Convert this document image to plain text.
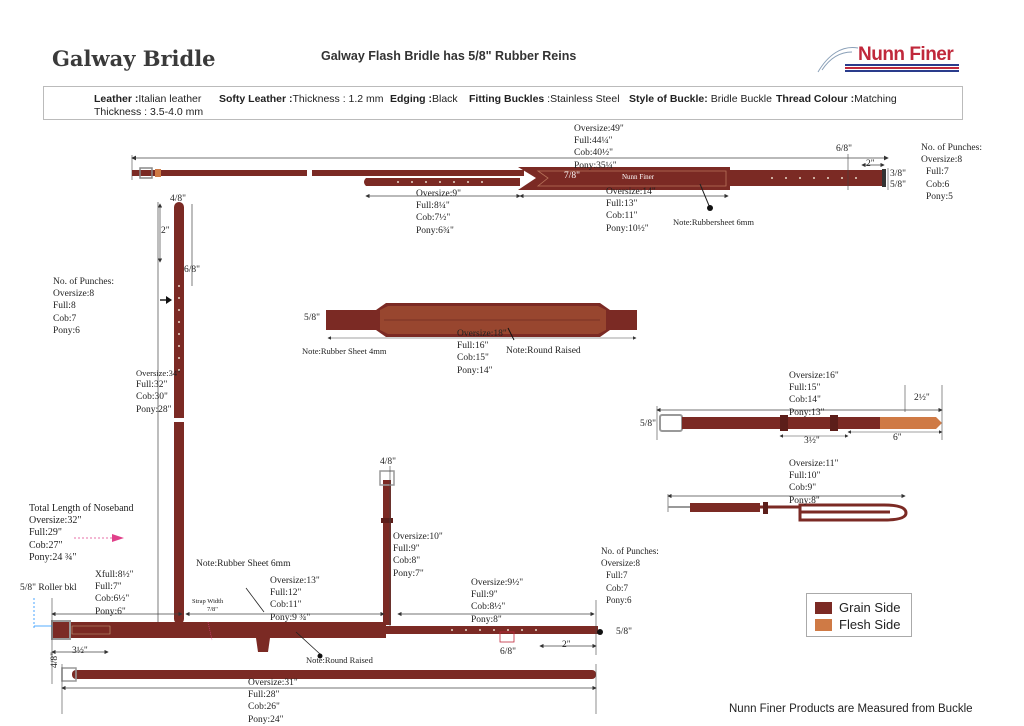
Galway Bridle	Galway Flash Bridle has 5/8" Rubber Reins	Nunn Finer
Leather :Italian leather
Thickness : 3.5-4.0 mm
Softy Leather :Thickness : 1.2 mm Edging :Black Fitting Buckles :Stainless Steel Style of Buckle: Bridle Buckle Thread Colour :Matching
Oversize:49"
Full:44¼"
Cob:40½"
Pony:35¼"
Oversize:9"
Full:8¼"
Cob:7½"
Pony:6¾"
Oversize:14"
Full:13"
Cob:11"
Pony:10½"
7/8"	Nunn Finer
6/8"
2"
3/8"
5/8"
Note:Rubbersheet 6mm
No. of Punches:
Oversize:8
Full:7
Cob:6
Pony:5
4/8"
2"
6/8"
No. of Punches:
Oversize:8
Full:8
Cob:7
Pony:6
Oversize:34"
Full:32"
Cob:30"
Pony:28"
5/8"
Note:Rubber Sheet 4mm
Oversize:18"
Full:16"
Cob:15"
Pony:14"
Note:Round Raised
Oversize:16"
Full:15"
Cob:14"
Pony:13"
5/8"
2½"
3½"	6"
Oversize:11"
Full:10"
Cob:9"
Pony:8"
Total Length of Noseband
Oversize:32"
Full:29"
Cob:27"
Pony:24 ¾"
5/8" Roller bkl
Xfull:8½"
Full:7"
Cob:6½"
Pony:6"
Note:Rubber Sheet 6mm
Strap Width
7/8"
Oversize:13"
Full:12"
Cob:11"
Pony:9 ¾"
4/8"
Oversize:10"
Full:9"
Cob:8"
Pony:7"
Oversize:9½"
Full:9"
Cob:8½"
Pony:8"
No. of Punches:
Oversize:8
Full:7
Cob:7
Pony:6
5/8"
2"
6/8"
3½"
Note:Round Raised
4/8"
Oversize:31"
Full:28"
Cob:26"
Pony:24"
Grain Side
Flesh Side
Nunn Finer Products are Measured from Buckle
